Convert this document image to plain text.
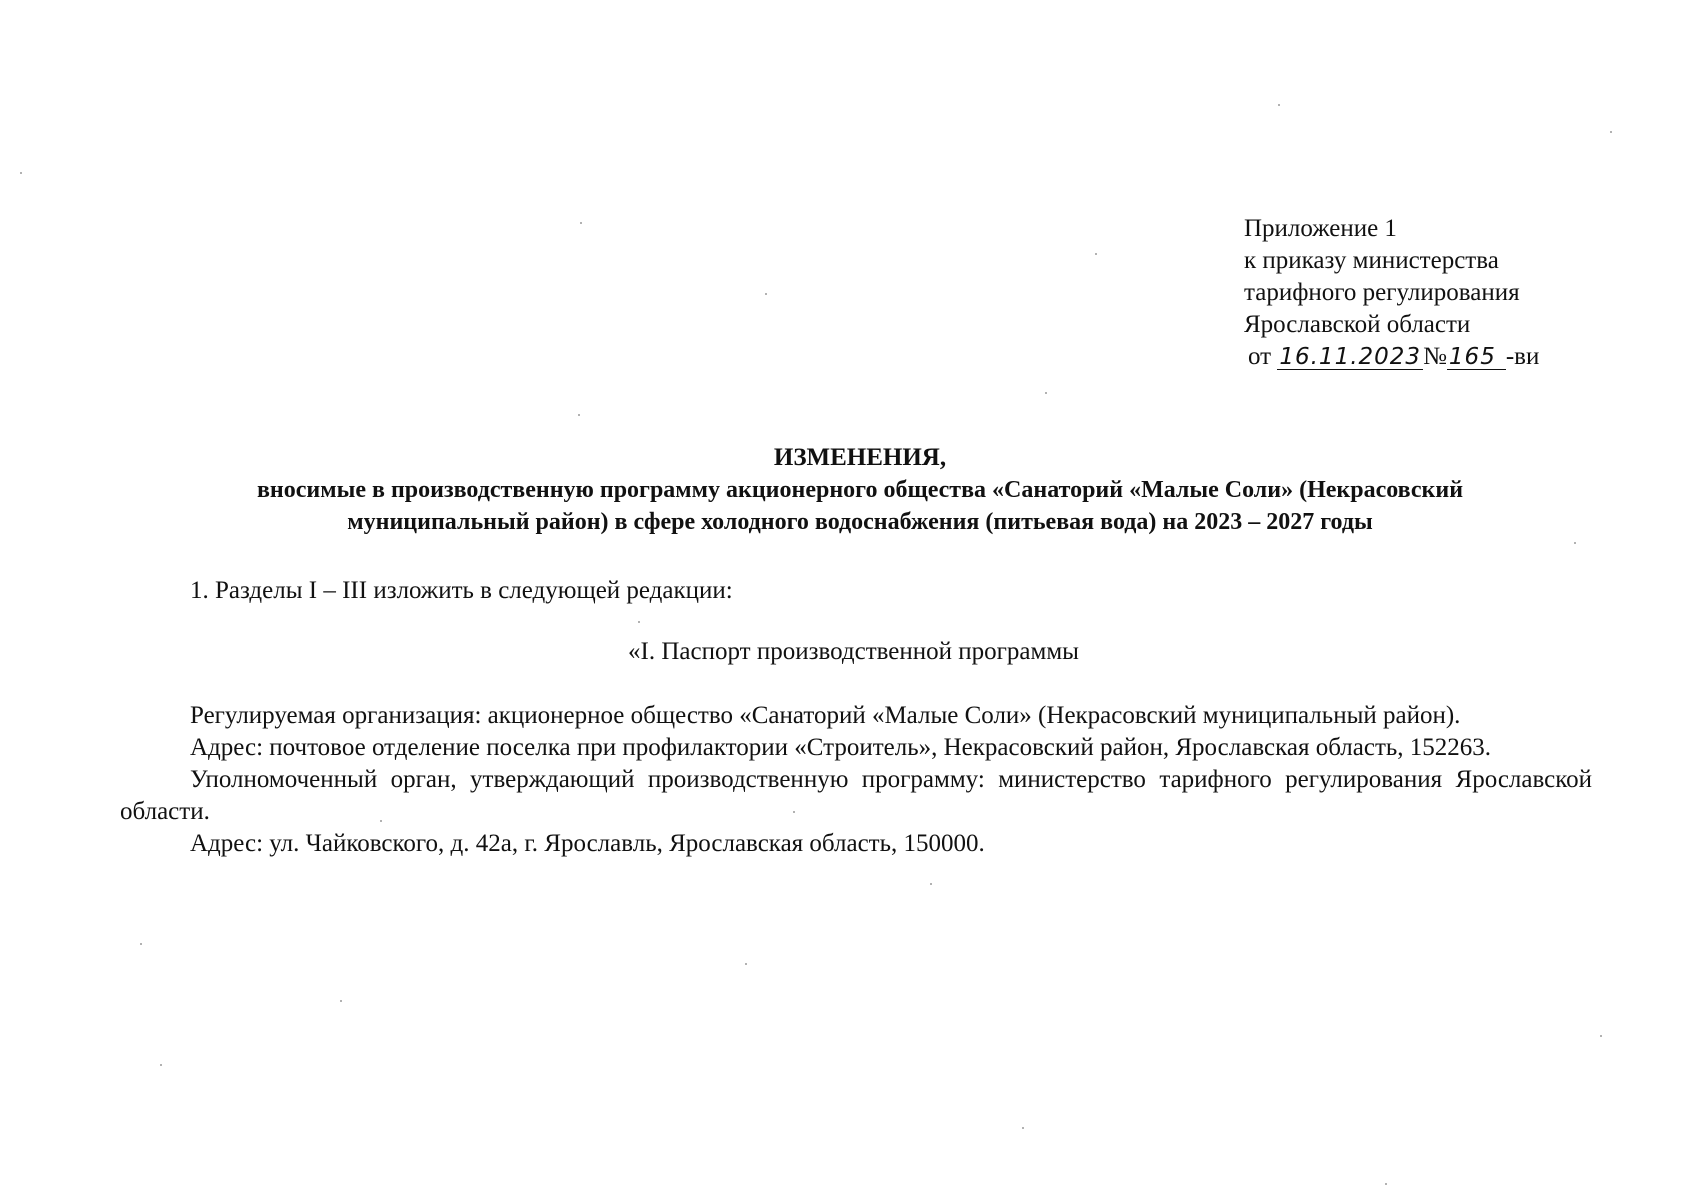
Приложение 1
к приказу министерства
тарифного регулирования
Ярославской области
от 16.11.2023№165 -ви
ИЗМЕНЕНИЯ,
вносимые в производственную программу акционерного общества «Санаторий «Малые Соли» (Некрасовский
муниципальный район) в сфере холодного водоснабжения (питьевая вода) на 2023 – 2027 годы
1. Разделы I – III изложить в следующей редакции:
«I. Паспорт производственной программы

Регулируемая организация: акционерное общество «Санаторий «Малые Соли» (Некрасовский муниципальный район).

Адрес: почтовое отделение поселка при профилактории «Строитель», Некрасовский район, Ярославская область, 152263.

Уполномоченный орган, утверждающий производственную программу: министерство тарифного регулирования Ярославской области.

Адрес: ул. Чайковского, д. 42а, г. Ярославль, Ярославская область, 150000.
